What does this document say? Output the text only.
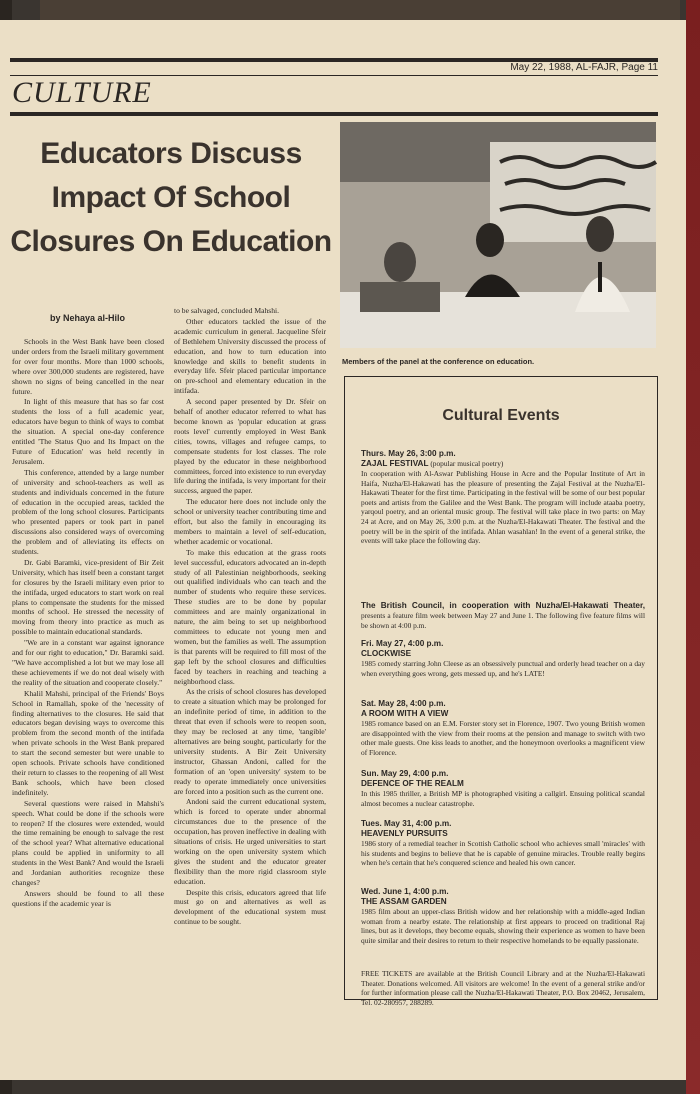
May 22, 1988, AL-FAJR, Page 11
CULTURE
Educators Discuss
Impact Of School
Closures On Education
by Nehaya al-Hilo

Schools in the West Bank have been closed under orders from the Israeli military government for over four months. More than 1000 schools, where over 300,000 students are registered, have shown no signs of being cancelled in the near future.

In light of this measure that has so far cost students the loss of a full academic year, educators have begun to think of ways to combat the situation. A special one-day conference entitled 'The Status Quo and Its Impact on the Future of Education' was held recently in Jerusalem.

This conference, attended by a large number of university and school-teachers as well as students and individuals concerned in the future of education in the occupied areas, tackled the problem of the long school closures. Participants who presented papers or took part in panel discussions also considered ways of overcoming the problem and of alleviating its effects on students.

Dr. Gabi Baramki, vice-president of Bir Zeit University, which has itself been a constant target for closures by the Israeli military even prior to the intifada, urged educators to start work on real plans to compensate the students for the missed months of school. He stressed the necessity of moving from theory into practice as much as possible to maintain educational standards.

"We are in a constant war against ignorance and for our right to education," Dr. Baramki said. "We have accomplished a lot but we may lose all these achievements if we do not deal wisely with the reality of the situation and cooperate closely."

Khalil Mahshi, principal of the Friends' Boys School in Ramallah, spoke of the 'necessity of finding alternatives to the closures. He said that educators began devising ways to overcome this problem from the second month of the intifada when private schools in the West Bank prepared to start the second semester but were unable to open schools. Private schools have conditioned their return to classes to the reopening of all West Bank schools, which have been closed indefinitely.

Several questions were raised in Mahshi's speech. What could be done if the schools were to reopen? If the closures were extended, would the time remaining be enough to salvage the rest of the school year? What alternative educational plans could be applied in uniformity to all students in the West Bank? And would the Israeli and Jordanian authorities recognize these changes?

Answers should be found to all these questions if the academic year is

to be salvaged, concluded Mahshi.

Other educators tackled the issue of the academic curriculum in general. Jacqueline Sfeir of Bethlehem University discussed the process of education, and how to turn education into knowledge and skills to benefit students in everyday life. Sfeir placed particular importance on pre-school and elementary education in the intifada.

A second paper presented by Dr. Sfeir on behalf of another educator referred to what has become known as 'popular education at grass roots level' currently employed in West Bank cities, towns, villages and refugee camps, to compensate students for lost classes. The role played by the educator in these neighborhood committees, forced into existence to run everyday life during the intifada, is very important for their success, argued the paper.

The educator here does not include only the school or university teacher contributing time and effort, but also the family in encouraging its members to maintain a level of self-education, whether academic or vocational.

To make this education at the grass roots level successful, educators advocated an in-depth study of all Palestinian neighborhoods, seeking out qualified individuals who can teach and the number of students who require these services. These studies are to be done by popular committees and are mainly organizational in nature, the aim being to set up neighborhood committees to educate not young men and women, but the families as well. The assumption is that parents will be required to fill most of the gap left by the school closures and difficulties faced by teachers in reaching and teaching a neighborhood class.

As the crisis of school closures has developed to create a situation which may be prolonged for an indefinite period of time, in addition to the threat that even if schools were to reopen soon, they may be reclosed at any time, 'tangible' alternatives are being sought, particularly for the university students. A Bir Zeit University instructor, Ghassan Andoni, called for the formation of an 'open university' system to be ready to operate immediately once universities are forced into a position such as the current one.

Andoni said the current educational system, which is forced to operate under abnormal circumstances due to the presence of the occupation, has proven ineffective in dealing with situations of crisis. He urged universities to start working on the open university system which gives the student and the educator greater flexibility than the more rigid classroom style education.

Despite this crisis, educators agreed that life must go on and alternatives as well as development of the educational system must continue to be sought.

Members of the panel at the conference on education.
Cultural Events
Thurs. May 26, 3:00 p.m.
ZAJAL FESTIVAL (popular musical poetry)
In cooperation with Al-Aswar Publishing House in Acre and the Popular Institute of Art in Haifa, Nuzha/El-Hakawati has the pleasure of presenting the Zajal Festival at the Nuzha/El-Hakawati Theater for the first time. Participating in the festival will be some of our best popular poets and artists from the Galilee and the West Bank. The program will include ataaba poetry, yarqoul poetry, and an oriental music group. The festival will take place in two parts: on May 24 at Acre, and on May 26, 3:00 p.m. at the Nuzha/El-Hakawati Theater. The festival and the poetry will be in the spirit of the intifada. Ahlan wasahlan! In the event of a general strike, the events will take place the following day.
The British Council, in cooperation with Nuzha/El-Hakawati Theater, presents a feature film week between May 27 and June 1. The following five feature films will be shown at 4:00 p.m.
Fri. May 27, 4:00 p.m.
CLOCKWISE
1985 comedy starring John Cleese as an obsessively punctual and orderly head teacher on a day when everything goes wrong, gets messed up, and he's LATE!
Sat. May 28, 4:00 p.m.
A ROOM WITH A VIEW
1985 romance based on an E.M. Forster story set in Florence, 1907. Two young British women are disappointed with the view from their rooms at the pension and manage to switch with two other male guests. One kiss leads to another, and the honeymoon overlooks a magnificent view of Florence.
Sun. May 29, 4:00 p.m.
DEFENCE OF THE REALM
In this 1985 thriller, a British MP is photographed visiting a callgirl. Ensuing political scandal almost becomes a nuclear catastrophe.
Tues. May 31, 4:00 p.m.
HEAVENLY PURSUITS
1986 story of a remedial teacher in Scottish Catholic school who achieves small 'miracles' with his students and begins to believe that he is capable of genuine miracles. Trouble really begins when he's certain that he's conquered science and healed his own cancer.
Wed. June 1, 4:00 p.m.
THE ASSAM GARDEN
1985 film about an upper-class British widow and her relationship with a middle-aged Indian woman from a nearby estate. The relationship at first appears to proceed on traditional Raj lines, but as it develops, they become equals, showing their experience as women to have been quite similar and their desires to return to their respective homelands to be equally passionate.
FREE TICKETS are available at the British Council Library and at the Nuzha/El-Hakawati Theater. Donations welcomed. All visitors are welcome! In the event of a general strike and/or for further information please call the Nuzha/El-Hakawati Theater, P.O. Box 20462, Jerusalem, Tel. 02-280957, 288289.
